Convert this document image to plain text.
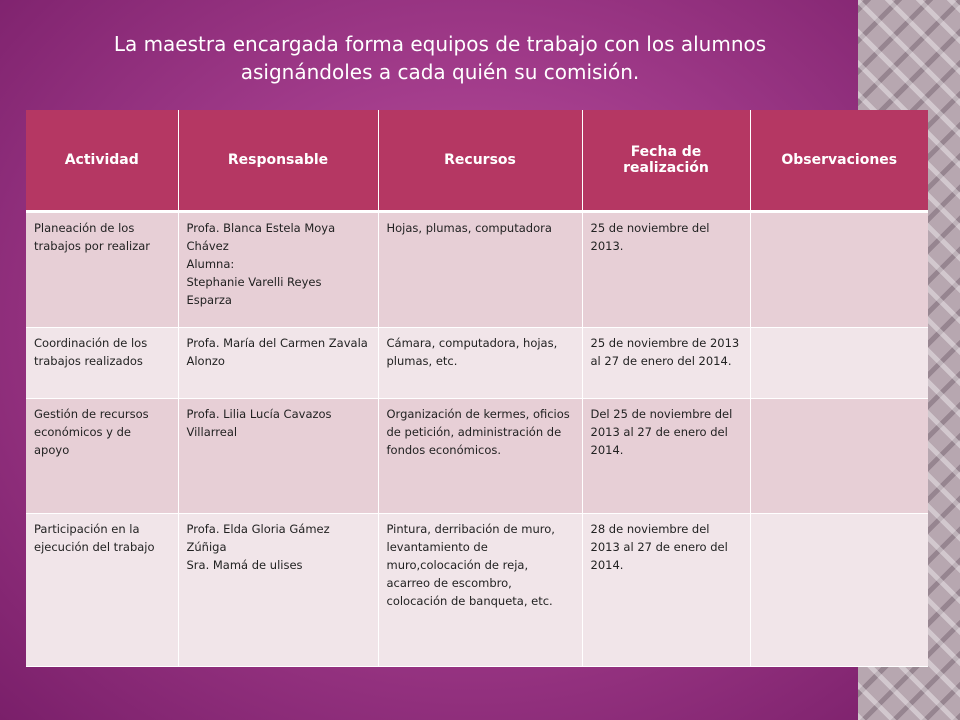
La maestra encargada forma equipos de trabajo con los alumnos
asignándoles a cada quién su comisión.
Actividad	Responsable	Recursos	Fecha de realización	Observaciones
Planeación de los trabajos por realizar	Profa. Blanca Estela Moya Chávez
Alumna:
Stephanie Varelli Reyes Esparza	Hojas, plumas, computadora	25 de noviembre del 2013.	
Coordinación de los trabajos realizados	Profa. María del Carmen Zavala Alonzo	Cámara, computadora, hojas, plumas, etc.	25 de noviembre de 2013 al 27 de enero del 2014.	
Gestión de recursos económicos y de apoyo	Profa. Lilia Lucía Cavazos Villarreal	Organización de kermes, oficios de petición, administración de fondos económicos.	Del 25 de noviembre del 2013 al 27 de enero del 2014.	
Participación en la ejecución del trabajo	Profa. Elda Gloria Gámez Zúñiga
Sra. Mamá de ulises	Pintura, derribación de muro, levantamiento de muro,colocación de reja, acarreo de escombro, colocación de banqueta, etc.	28 de noviembre del 2013 al 27 de enero del 2014.	
